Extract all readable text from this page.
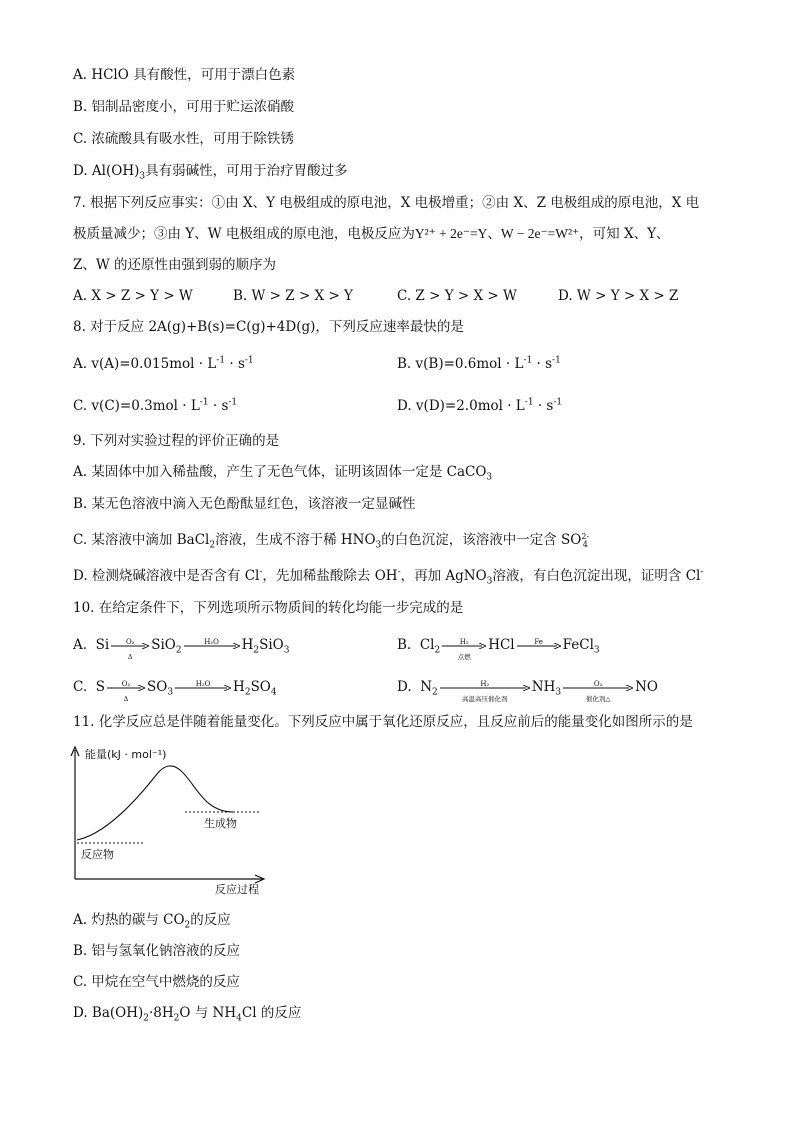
A. HClO 具有酸性，可用于漂白色素
B. 铝制品密度小，可用于贮运浓硝酸
C. 浓硫酸具有吸水性，可用于除铁锈
D. $Al(OH)_3$具有弱碱性，可用于治疗胃酸过多
7. 根据下列反应事实：①由 X、Y 电极组成的原电池，X 电极增重；②由 X、Z 电极组成的原电池，X 电
极质量减少；③由 Y、W 电极组成的原电池，电极反应为Y²⁺ + 2e⁻=Y、W − 2e⁻=W²⁺，可知 X、Y、
Z、W 的还原性由强到弱的顺序为
A. X > Z > Y > W	B. W > Z > X > Y	C. Z > Y > X > W	D. W > Y > X > Z
8. 对于反应 2A(g)+B(s)=C(g)+4D(g)，下列反应速率最快的是
A. $v(A)=0.015mol \cdot L^{-1} \cdot s^{-1}$	B. $v(B)=0.6mol \cdot L^{-1} \cdot s^{-1}$
C. $v(C)=0.3mol \cdot L^{-1} \cdot s^{-1}$	D. $v(D)=2.0mol \cdot L^{-1} \cdot s^{-1}$
9. 下列对实验过程的评价正确的是
A. 某固体中加入稀盐酸，产生了无色气体，证明该固体一定是 CaCO$_3$
B. 某无色溶液中滴入无色酚酞显红色，该溶液一定显碱性
C. 某溶液中滴加 BaCl$_2$溶液，生成不溶于稀 $HNO_3$的白色沉淀，该溶液中一定含 SO 2-
4
D. 检测烧碱溶液中是否含有 Cl-，先加稀盐酸除去 OH-，再加 AgNO$_3$溶液，有白色沉淀出现，证明含 Cl-
10. 在给定条件下，下列选项所示物质间的转化均能一步完成的是
A. Si	O₂
Δ
SiO$_2$
H₂O	$H_2SiO_3$	B. $Cl_2$
H₂
点燃
HCl	Fe	FeCl$_3$
C. S	O₂
Δ
$SO_3$
H₂O	$H_2SO_4$	D. $N_2$
H₂
高温高压催化剂
$NH_3$
O₂
催化剂△
NO
11. 化学反应总是伴随着能量变化。下列反应中属于氧化还原反应，且反应前后的能量变化如图所示的是
能量(kJ · mol⁻¹)
生成物
反应物
反应过程
A. 灼热的碳与 $CO_2$的反应
B. 铝与氢氧化钠溶液的反应
C. 甲烷在空气中燃烧的反应
D. $Ba(OH)_2\cdot 8H_2O$ 与 $NH_4Cl$ 的反应
